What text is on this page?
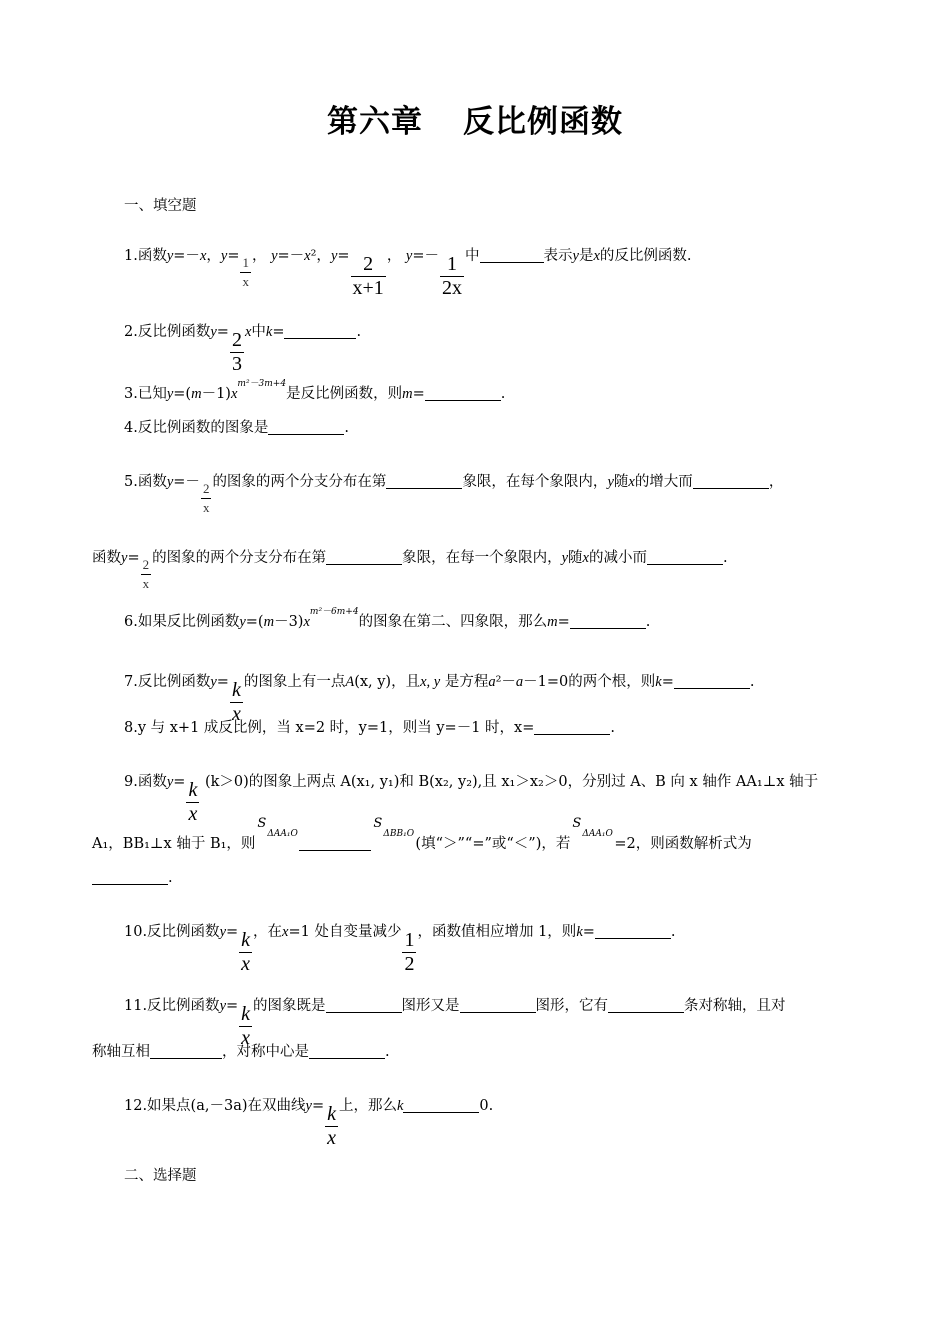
第六章 反比例函数
一、填空题
1.函数y=－x，$y= \frac{1}{x}$ ， y=－x²，$y= \frac{2}{x+1}$ ， $y=- \frac{1}{2x}$ 中	表示y是x的反比例函数.
2.反比例函数$y= \frac{2}{3}$ x中k=	.
3.已知$y=(m-1)x^{m^2-3m+4}$是反比例函数，则m=	.
4.反比例函数的图象是	.
5.函数$y=- \frac{2}{x}$ 的图象的两个分支分布在第	象限，在每个象限内，y随x的增大而	，
函数$y= \frac{2}{x}$ 的图象的两个分支分布在第	象限，在每一个象限内，y随x的减小而	.
6.如果反比例函数$y=(m-3)x^{m^2-6m+4}$的图象在第二、四象限，那么m=	.
7.反比例函数$y= \frac{k}{x}$ 的图象上有一点A(x, y)，且x, y 是方程a²－a－1=0的两个根，则k=	.
8.y 与 x+1 成反比例，当 x=2 时，y=1，则当 y=－1 时，x=	.
9.函数$y= \frac{k}{x} (k>0)$的图象上两点 A(x₁, y₁)和 B(x₂, y₂),且 x₁＞x₂＞0，分别过 A、B 向 x 轴作 AA₁⊥x 轴于
A₁，BB₁⊥x 轴于 B₁，则
S
ΔAA₁O
S
ΔBB₁O
(填“＞”“=”或“＜”)，若
S
ΔAA₁O
=2，则函数解析式为
.
10.反比例函数$y= \frac{k}{x}$ ，在x=1 处自变量减少 $\frac{1}{2}$ ，函数值相应增加 1，则k=	.
11.反比例函数$y= \frac{k}{x}$ 的图象既是	图形又是	图形，它有	条对称轴，且对
称轴互相	，对称中心是	.
12.如果点(a,－3a)在双曲线$y= \frac{k}{x}$ 上，那么k	0.
二、选择题
